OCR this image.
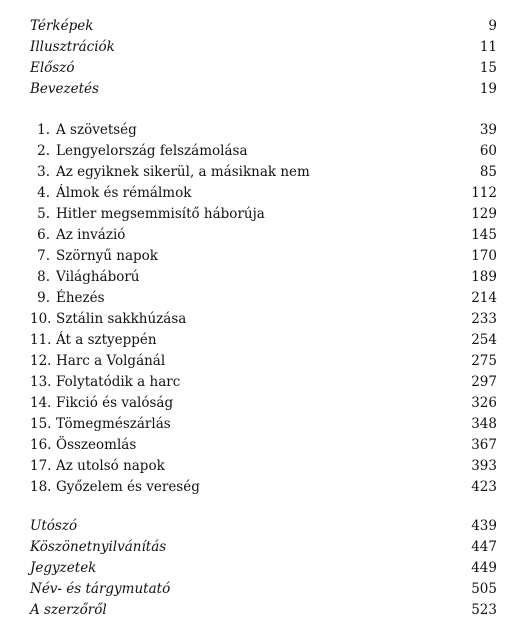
Térképek	9
Illusztrációk	11
Előszó	15
Bevezetés	19
1. A szövetség	39
2. Lengyelország felszámolása	60
3. Az egyiknek sikerül, a másiknak nem	85
4. Álmok és rémálmok	112
5. Hitler megsemmisítő háborúja	129
6. Az invázió	145
7. Szörnyű napok	170
8. Világháború	189
9. Éhezés	214
10. Sztálin sakkhúzása	233
11. Át a sztyeppén	254
12. Harc a Volgánál	275
13. Folytatódik a harc	297
14. Fikció és valóság	326
15. Tömegmészárlás	348
16. Összeomlás	367
17. Az utolsó napok	393
18. Győzelem és vereség	423
Utószó	439
Köszönetnyilvánítás	447
Jegyzetek	449
Név- és tárgymutató	505
A szerzőről	523
